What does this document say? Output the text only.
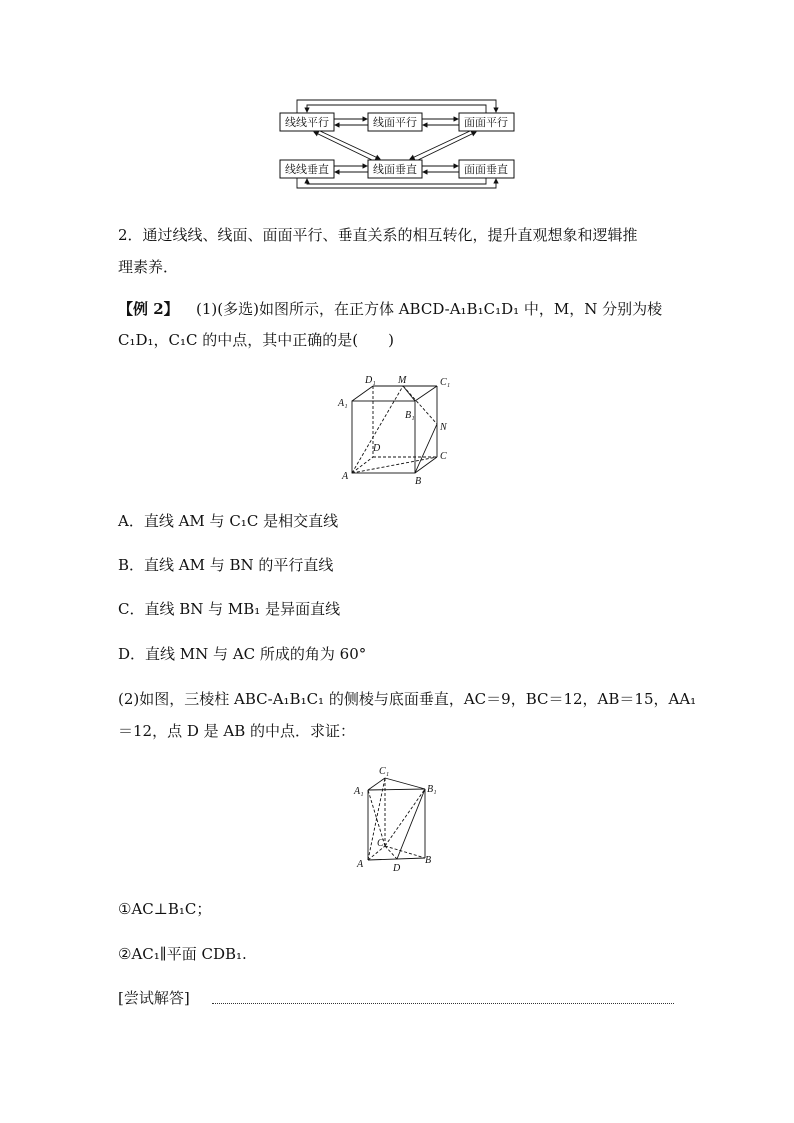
线线平行	线面平行	面面平行
线线垂直	线面垂直	面面垂直
2．通过线线、线面、面面平行、垂直关系的相互转化，提升直观想象和逻辑推
理素养．
【例 2】 (1)(多选)如图所示，在正方体 ABCD-A₁B₁C₁D₁ 中，M，N 分别为棱
C₁D₁，C₁C 的中点，其中正确的是(　　)
D₁ M	C₁
A₁
B₁
N
D
C
A	B
A．直线 AM 与 C₁C 是相交直线
B．直线 AM 与 BN 的平行直线
C．直线 BN 与 MB₁ 是异面直线
D．直线 MN 与 AC 所成的角为 60°
(2)如图，三棱柱 ABC-A₁B₁C₁ 的侧棱与底面垂直，AC＝9，BC＝12，AB＝15，AA₁
＝12，点 D 是 AB 的中点．求证：
C₁
A₁	B₁
C
A	D
B
①AC⊥B₁C；
②AC₁∥平面 CDB₁.
[尝试解答]
